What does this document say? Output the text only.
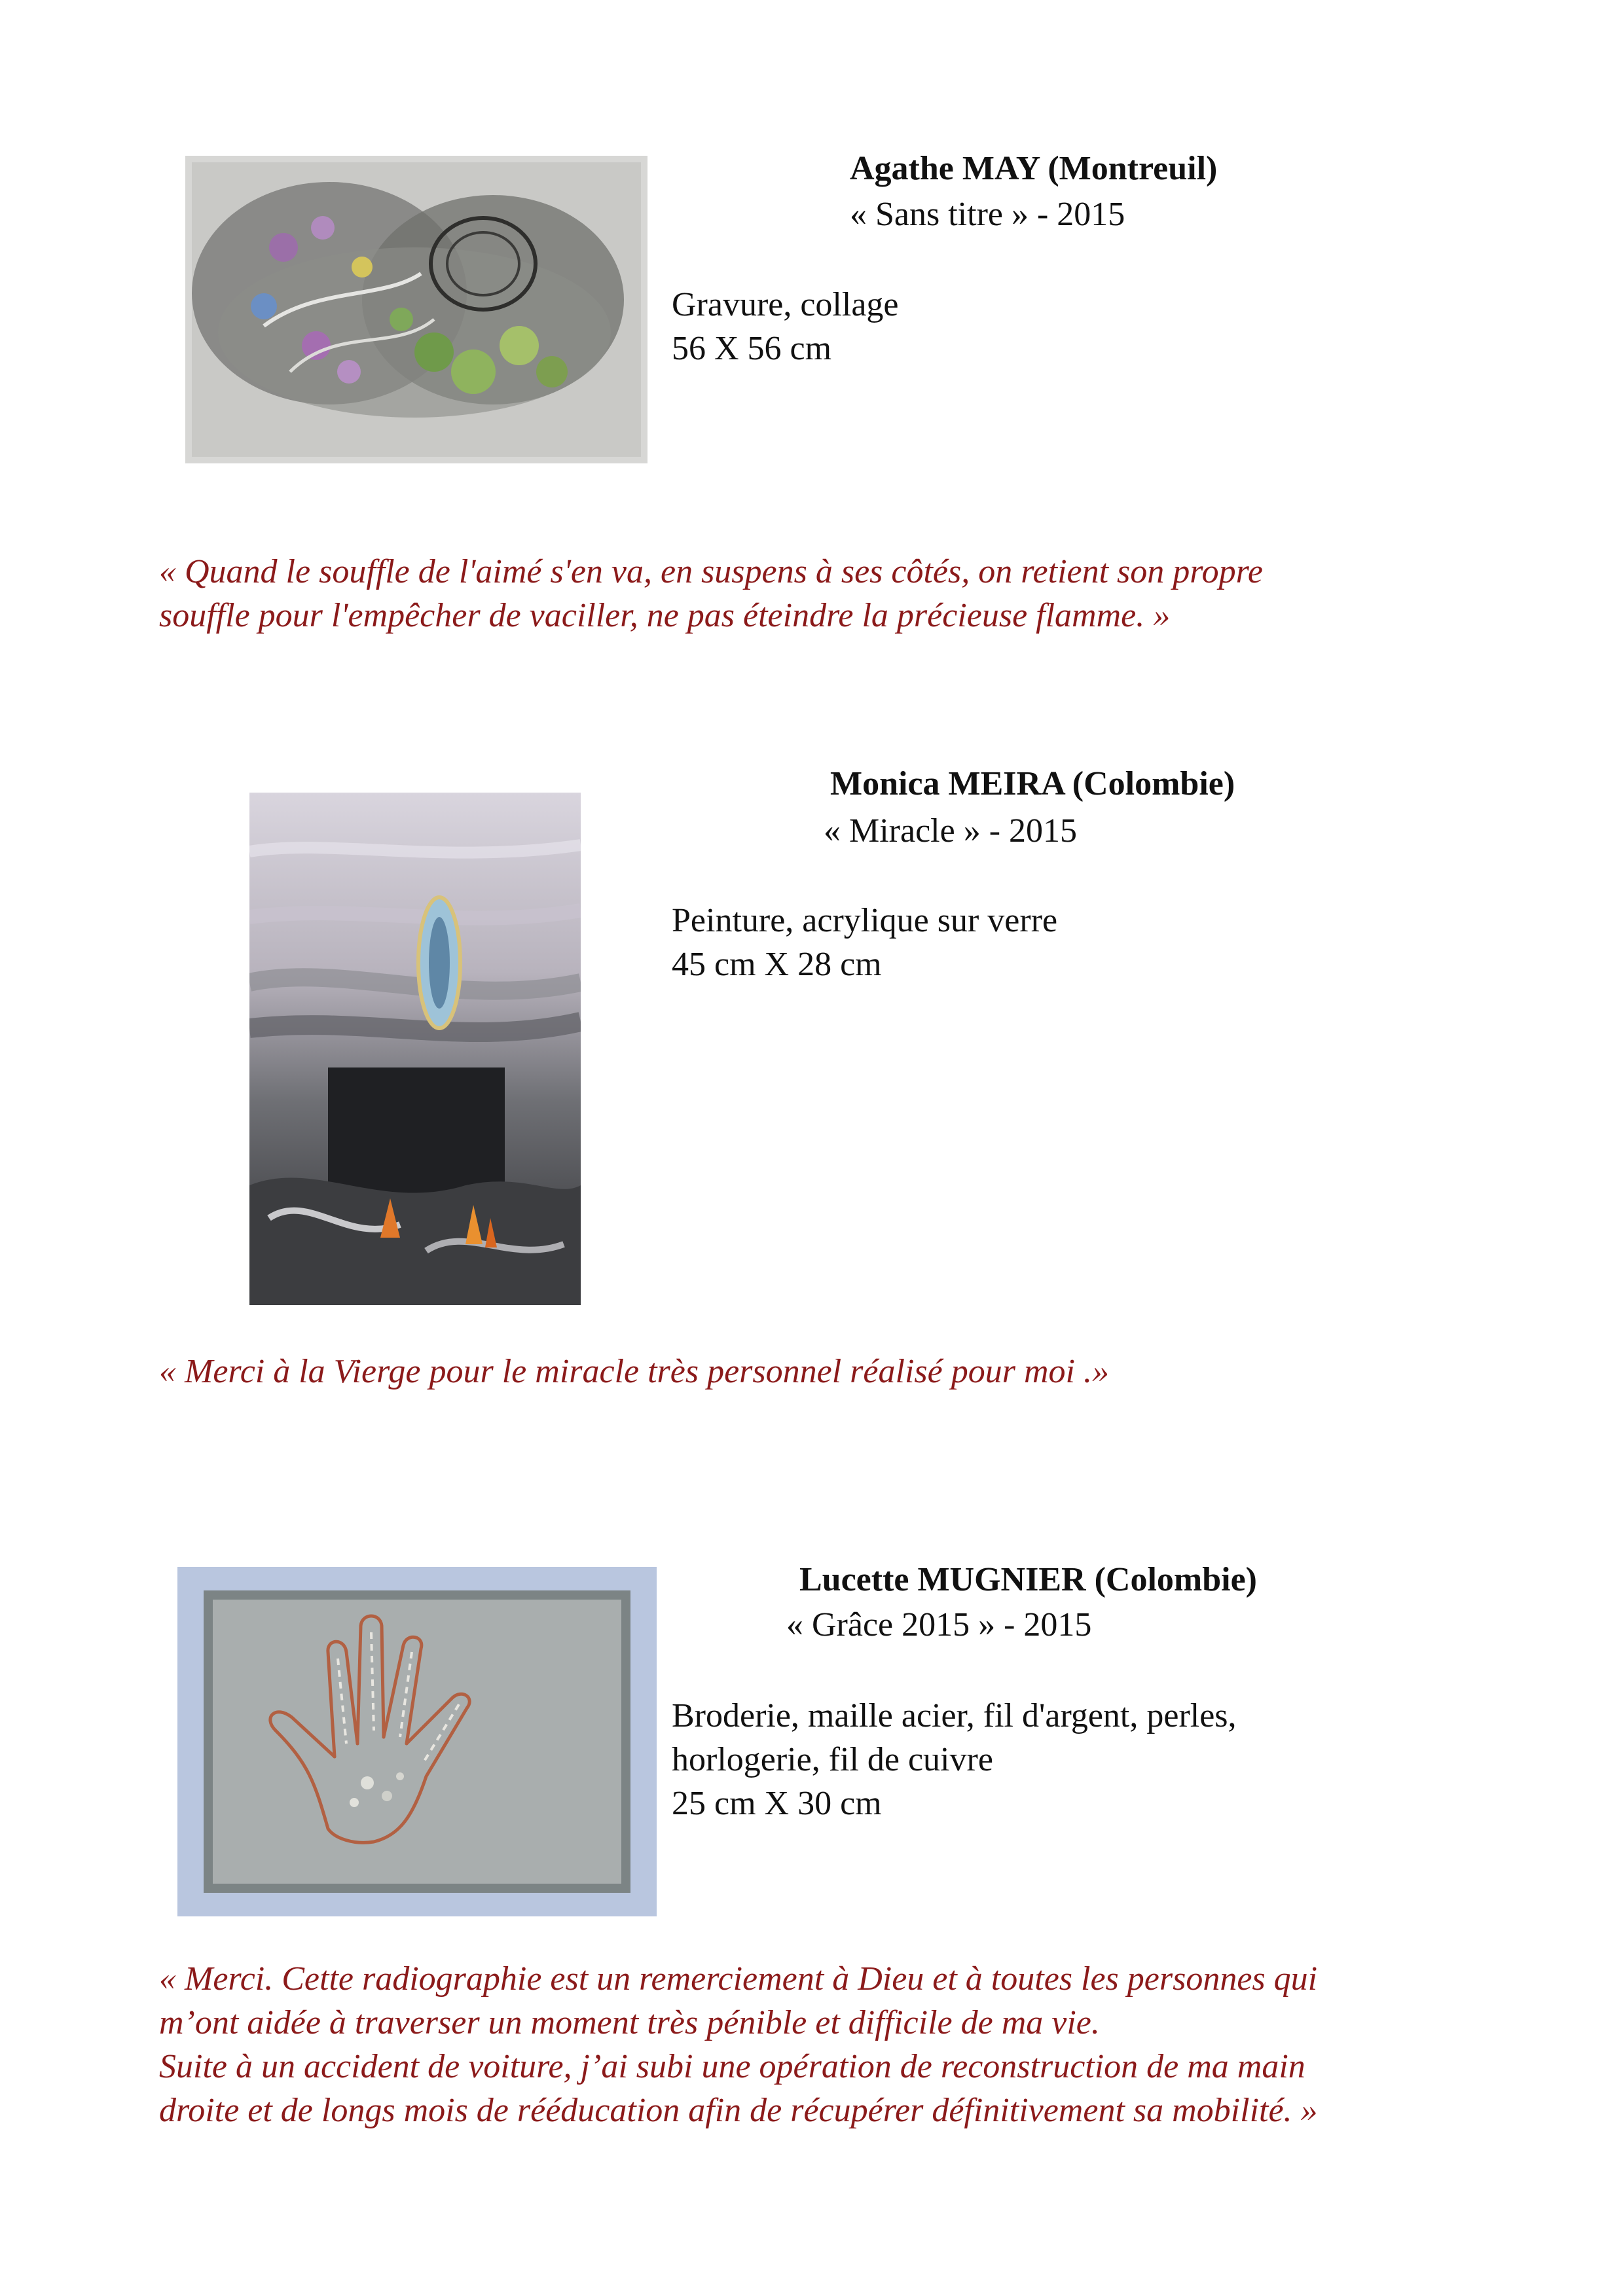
Agathe MAY (Montreuil)
« Sans titre » - 2015
Gravure, collage
56 X 56 cm
« Quand le souffle de l'aimé s'en va, en suspens à ses côtés, on retient son propre
souffle pour l'empêcher de vaciller, ne pas éteindre la précieuse flamme. »
Monica MEIRA (Colombie)
« Miracle » - 2015
Peinture, acrylique sur verre
45 cm X 28 cm
« Merci à la Vierge pour le miracle très personnel réalisé pour moi .»
Lucette MUGNIER (Colombie)
« Grâce 2015 » - 2015
Broderie, maille acier, fil d'argent, perles,
horlogerie, fil de cuivre
25 cm X 30 cm
« Merci. Cette radiographie est un remerciement à Dieu et à toutes les personnes qui
m’ont aidée à traverser un moment très pénible et difficile de ma vie.
Suite à un accident de voiture, j’ai subi une opération de reconstruction de ma main
droite et de longs mois de rééducation afin de récupérer définitivement sa mobilité. »
